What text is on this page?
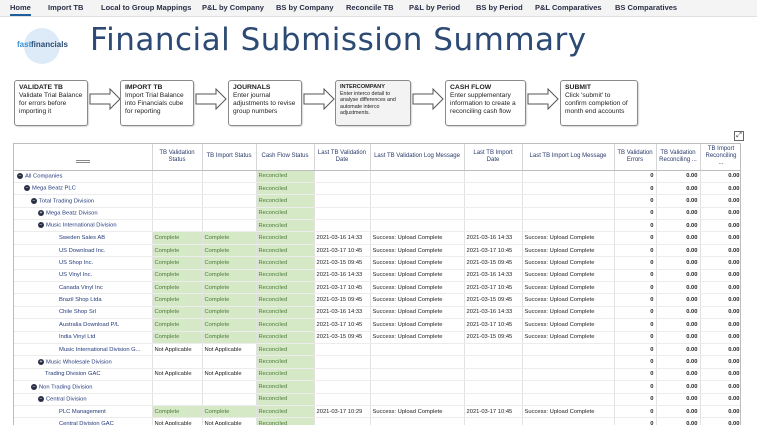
Home Import TB Local to Group Mappings P&L by Company BS by Company Reconcile TB P&L by Period BS by Period P&L Comparatives BS Comparatives
fast financials Financial Submission Summary
VALIDATE TB
Validate Trial Balance for errors before importing it
IMPORT TB
Import Trial Balance into Financials cube for reporting
JOURNALS
Enter journal adjustments to revise group numbers
INTERCOMPANY
Enter interco detail to analyse differences and automate interco adjustments.
CASH FLOW
Enter supplementary information to create a reconciling cash flow
SUBMIT
Click 'submit' to confirm completion of month end accounts
⤢
	TB Validation Status	TB Import Status	Cash Flow Status	Last TB Validation Date	Last TB Validation Log Message	Last TB Import Date	Last TB Import Log Message	TB Validation Errors	TB Validation Reconciling ...	TB Import Reconciling ...
− All Companies			Reconciled					0	0.00	0.00
− Mega Beatz PLC			Reconciled					0	0.00	0.00
− Total Trading Division			Reconciled					0	0.00	0.00
+ Mega Beatz Divison			Reconciled					0	0.00	0.00
− Music International Division			Reconciled					0	0.00	0.00
Sweden Sales AB	Complete	Complete	Reconciled	2021-03-16 14:33	Success: Upload Complete	2021-03-16 14:33	Success: Upload Complete	0	0.00	0.00
US Download Inc.	Complete	Complete	Reconciled	2021-03-17 10:45	Success: Upload Complete	2021-03-17 10:45	Success: Upload Complete	0	0.00	0.00
US Shop Inc.	Complete	Complete	Reconciled	2021-03-15 09:45	Success: Upload Complete	2021-03-15 09:45	Success: Upload Complete	0	0.00	0.00
US Vinyl Inc.	Complete	Complete	Reconciled	2021-03-16 14:33	Success: Upload Complete	2021-03-16 14:33	Success: Upload Complete	0	0.00	0.00
Canada Vinyl Inc	Complete	Complete	Reconciled	2021-03-17 10:45	Success: Upload Complete	2021-03-17 10:45	Success: Upload Complete	0	0.00	0.00
Brazil Shop Ltda	Complete	Complete	Reconciled	2021-03-15 09:45	Success: Upload Complete	2021-03-15 09:45	Success: Upload Complete	0	0.00	0.00
Chile Shop Srl	Complete	Complete	Reconciled	2021-03-16 14:33	Success: Upload Complete	2021-03-16 14:33	Success: Upload Complete	0	0.00	0.00
Australia Download P/L	Complete	Complete	Reconciled	2021-03-17 10:45	Success: Upload Complete	2021-03-17 10:45	Success: Upload Complete	0	0.00	0.00
India Vinyl Ltd	Complete	Complete	Reconciled	2021-03-15 09:45	Success: Upload Complete	2021-03-15 09:45	Success: Upload Complete	0	0.00	0.00
Music International Division G...	Not Applicable	Not Applicable	Reconciled					0	0.00	0.00
+ Music Wholesale Division			Reconciled					0	0.00	0.00
Trading Division GAC	Not Applicable	Not Applicable	Reconciled					0	0.00	0.00
− Non Trading Division			Reconciled					0	0.00	0.00
− Central Division			Reconciled					0	0.00	0.00
PLC Management	Complete	Complete	Reconciled	2021-03-17 10:29	Success: Upload Complete	2021-03-17 10:45	Success: Upload Complete	0	0.00	0.00
Central Division GAC	Not Applicable	Not Applicable	Reconciled					0	0.00	0.00
